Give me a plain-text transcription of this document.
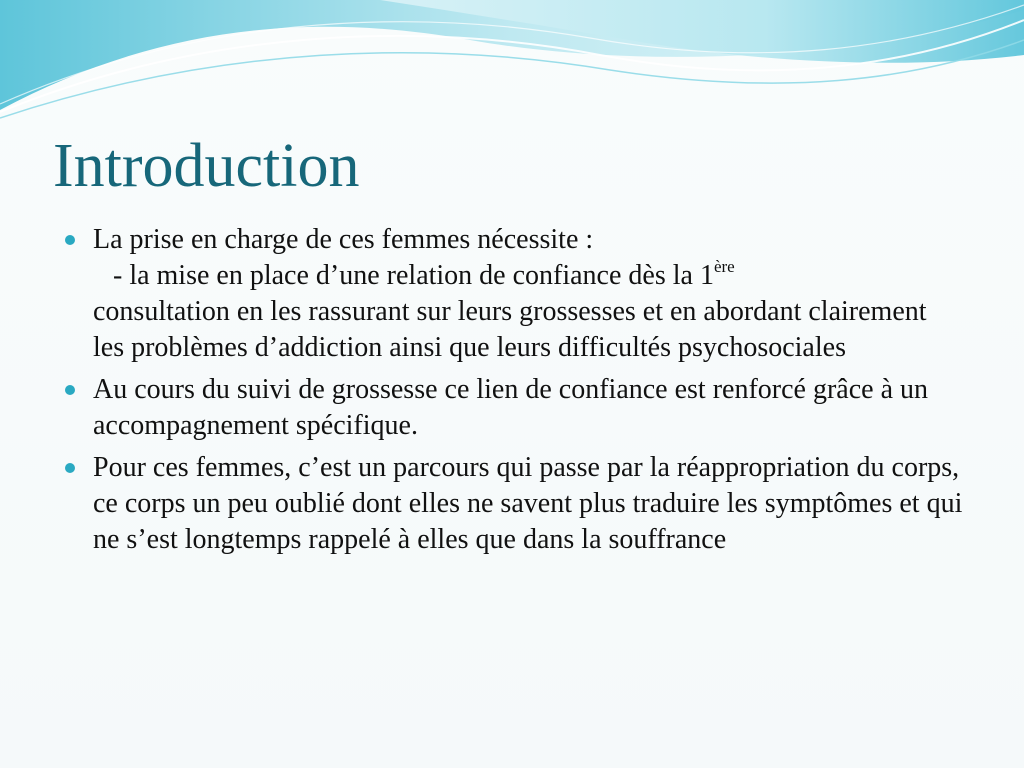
Introduction
La prise en charge de ces femmes nécessite :
- la mise en place d’une relation de confiance dès la 1ère
consultation en les rassurant sur leurs grossesses et en abordant clairement les problèmes d’addiction ainsi que leurs difficultés psychosociales
Au cours du suivi de grossesse ce lien de confiance est renforcé grâce à un accompagnement spécifique.
Pour ces femmes, c’est un parcours qui passe par la réappropriation du corps, ce corps un peu oublié dont elles ne savent plus traduire les symptômes et qui ne s’est longtemps rappelé à elles que dans la souffrance
